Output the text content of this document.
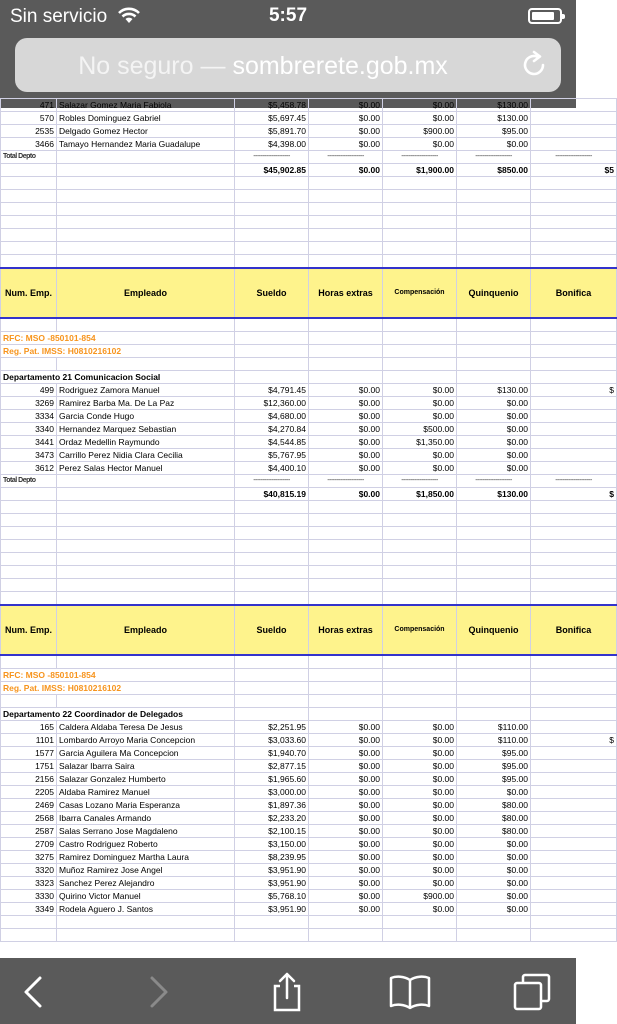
Sin servicio	5:57
No seguro — sombrerete.gob.mx
471	Salazar Gomez Maria Fabiola	$5,458.78	$0.00	$0.00	$130.00	
570	Robles Dominguez Gabriel	$5,697.45	$0.00	$0.00	$130.00	
2535	Delgado Gomez Hector	$5,891.70	$0.00	$900.00	$95.00	
3466	Tamayo Hernandez Maria Guadalupe	$4,398.00	$0.00	$0.00	$0.00	
Total Depto		--------------------	--------------------	--------------------	--------------------	--------------------
		$45,902.85	$0.00	$1,900.00	$850.00	$5

Num. Emp.	Empleado	Sueldo	Horas extras	Compensación	Quinquenio	Bonifica

RFC: MSO -850101-854						
Reg. Pat. IMSS: H0810216102						

Departamento 21 Comunicacion Social						
499	Rodriguez Zamora Manuel	$4,791.45	$0.00	$0.00	$130.00	$
3269	Ramirez Barba Ma. De La Paz	$12,360.00	$0.00	$0.00	$0.00	
3334	Garcia Conde Hugo	$4,680.00	$0.00	$0.00	$0.00	
3340	Hernandez Marquez Sebastian	$4,270.84	$0.00	$500.00	$0.00	
3441	Ordaz Medellin Raymundo	$4,544.85	$0.00	$1,350.00	$0.00	
3473	Carrillo Perez Nidia Clara Cecilia	$5,767.95	$0.00	$0.00	$0.00	
3612	Perez Salas Hector Manuel	$4,400.10	$0.00	$0.00	$0.00	
Total Depto		--------------------	--------------------	--------------------	--------------------	--------------------
		$40,815.19	$0.00	$1,850.00	$130.00	$

Num. Emp.	Empleado	Sueldo	Horas extras	Compensación	Quinquenio	Bonifica

RFC: MSO -850101-854						
Reg. Pat. IMSS: H0810216102						

Departamento 22 Coordinador de Delegados						
165	Caldera Aldaba Teresa De Jesus	$2,251.95	$0.00	$0.00	$110.00	
1101	Lombardo Arroyo Maria Concepcion	$3,033.60	$0.00	$0.00	$110.00	$
1577	Garcia Aguilera Ma Concepcion	$1,940.70	$0.00	$0.00	$95.00	
1751	Salazar Ibarra Saira	$2,877.15	$0.00	$0.00	$95.00	
2156	Salazar Gonzalez Humberto	$1,965.60	$0.00	$0.00	$95.00	
2205	Aldaba Ramirez Manuel	$3,000.00	$0.00	$0.00	$0.00	
2469	Casas Lozano Maria Esperanza	$1,897.36	$0.00	$0.00	$80.00	
2568	Ibarra Canales Armando	$2,233.20	$0.00	$0.00	$80.00	
2587	Salas Serrano Jose Magdaleno	$2,100.15	$0.00	$0.00	$80.00	
2709	Castro Rodriguez Roberto	$3,150.00	$0.00	$0.00	$0.00	
3275	Ramirez Dominguez Martha Laura	$8,239.95	$0.00	$0.00	$0.00	
3320	Muñoz Ramirez Jose Angel	$3,951.90	$0.00	$0.00	$0.00	
3323	Sanchez Perez Alejandro	$3,951.90	$0.00	$0.00	$0.00	
3330	Quirino Victor Manuel	$5,768.10	$0.00	$900.00	$0.00	
3349	Rodela Aguero J. Santos	$3,951.90	$0.00	$0.00	$0.00	
